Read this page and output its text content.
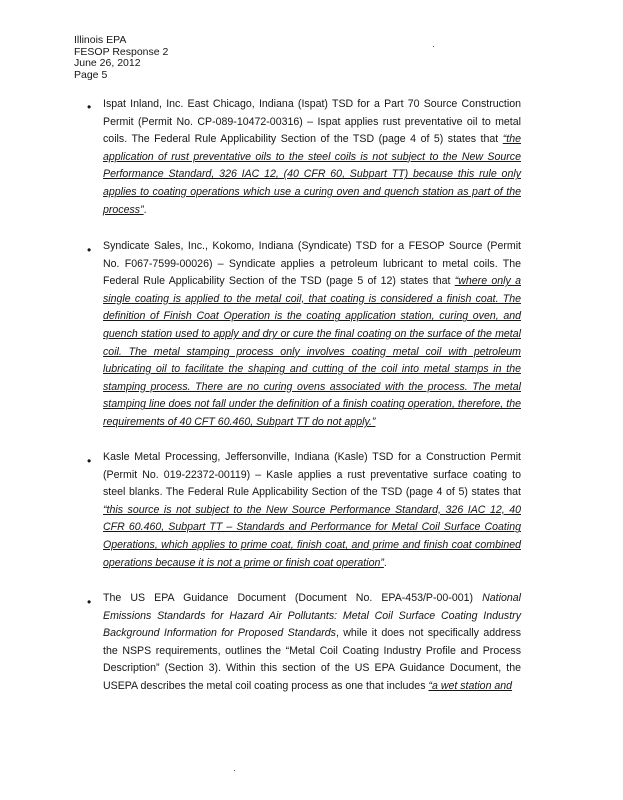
Illinois EPA
FESOP Response 2
June 26, 2012
Page 5
• Ispat Inland, Inc. East Chicago, Indiana (Ispat) TSD for a Part 70 Source Construction Permit (Permit No. CP-089-10472-00316) – Ispat applies rust preventative oil to metal coils. The Federal Rule Applicability Section of the TSD (page 4 of 5) states that “the application of rust preventative oils to the steel coils is not subject to the New Source Performance Standard, 326 IAC 12, (40 CFR 60, Subpart TT) because this rule only applies to coating operations which use a curing oven and quench station as part of the process”.
• Syndicate Sales, Inc., Kokomo, Indiana (Syndicate) TSD for a FESOP Source (Permit No. F067-7599-00026) – Syndicate applies a petroleum lubricant to metal coils. The Federal Rule Applicability Section of the TSD (page 5 of 12) states that “where only a single coating is applied to the metal coil, that coating is considered a finish coat. The definition of Finish Coat Operation is the coating application station, curing oven, and quench station used to apply and dry or cure the final coating on the surface of the metal coil. The metal stamping process only involves coating metal coil with petroleum lubricating oil to facilitate the shaping and cutting of the coil into metal stamps in the stamping process. There are no curing ovens associated with the process. The metal stamping line does not fall under the definition of a finish coating operation, therefore, the requirements of 40 CFT 60.460, Subpart TT do not apply.”
• Kasle Metal Processing, Jeffersonville, Indiana (Kasle) TSD for a Construction Permit (Permit No. 019-22372-00119) – Kasle applies a rust preventative surface coating to steel blanks. The Federal Rule Applicability Section of the TSD (page 4 of 5) states that “this source is not subject to the New Source Performance Standard, 326 IAC 12, 40 CFR 60.460, Subpart TT – Standards and Performance for Metal Coil Surface Coating Operations, which applies to prime coat, finish coat, and prime and finish coat combined operations because it is not a prime or finish coat operation”.
• The US EPA Guidance Document (Document No. EPA-453/P-00-001) National Emissions Standards for Hazard Air Pollutants: Metal Coil Surface Coating Industry Background Information for Proposed Standards, while it does not specifically address the NSPS requirements, outlines the “Metal Coil Coating Industry Profile and Process Description” (Section 3). Within this section of the US EPA Guidance Document, the USEPA describes the metal coil coating process as one that includes “a wet station and
·
·
